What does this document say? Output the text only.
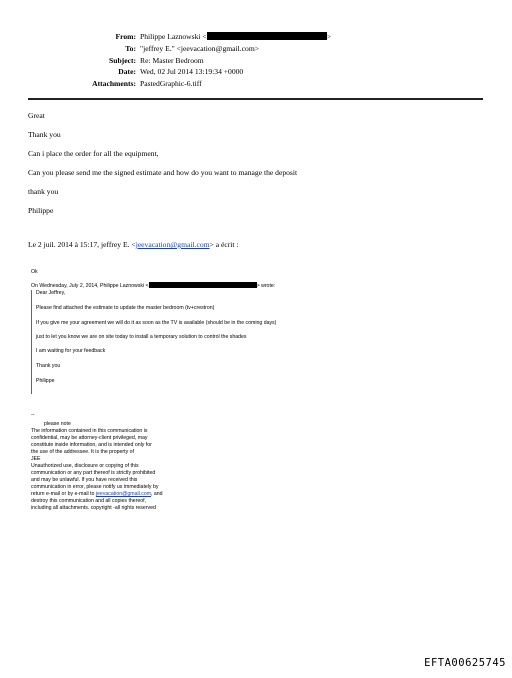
From: Philippe Laznowski <	>
To: "jeffrey E." <jeevacation@gmail.com>
Subject: Re: Master Bedroom
Date: Wed, 02 Jul 2014 13:19:34 +0000
Attachments: PastedGraphic-6.tiff
Great
Thank you
Can i place the order for all the equipment,
Can you please send me the signed estimate and how do you want to manage the deposit
thank you
Philippe
Le 2 juil. 2014 à 15:17, jeffrey E. <jeevacation@gmail.com> a écrit :
Ok
On Wednesday, July 2, 2014, Philippe Laznowski <	> wrote:
Dear Jeffrey,
Please find attached the estimate to update the master bedroom (tv+crestron)
If you give me your agreement we will do it as soon as the TV is available (should be in the coming days)
just to let you know we are on site today to install a temporary solution to control the shades
I am waiting for your feedback
Thank you
Philippe
--
please note
The information contained in this communication is
confidential, may be attorney-client privileged, may
constitute inside information, and is intended only for
the use of the addressee. It is the property of
JEE
Unauthorized use, disclosure or copying of this
communication or any part thereof is strictly prohibited
and may be unlawful. If you have received this
communication in error, please notify us immediately by
return e-mail or by e-mail to jeevacation@gmail.com, and
destroy this communication and all copies thereof,
including all attachments. copyright -all rights reserved
EFTA00625745
